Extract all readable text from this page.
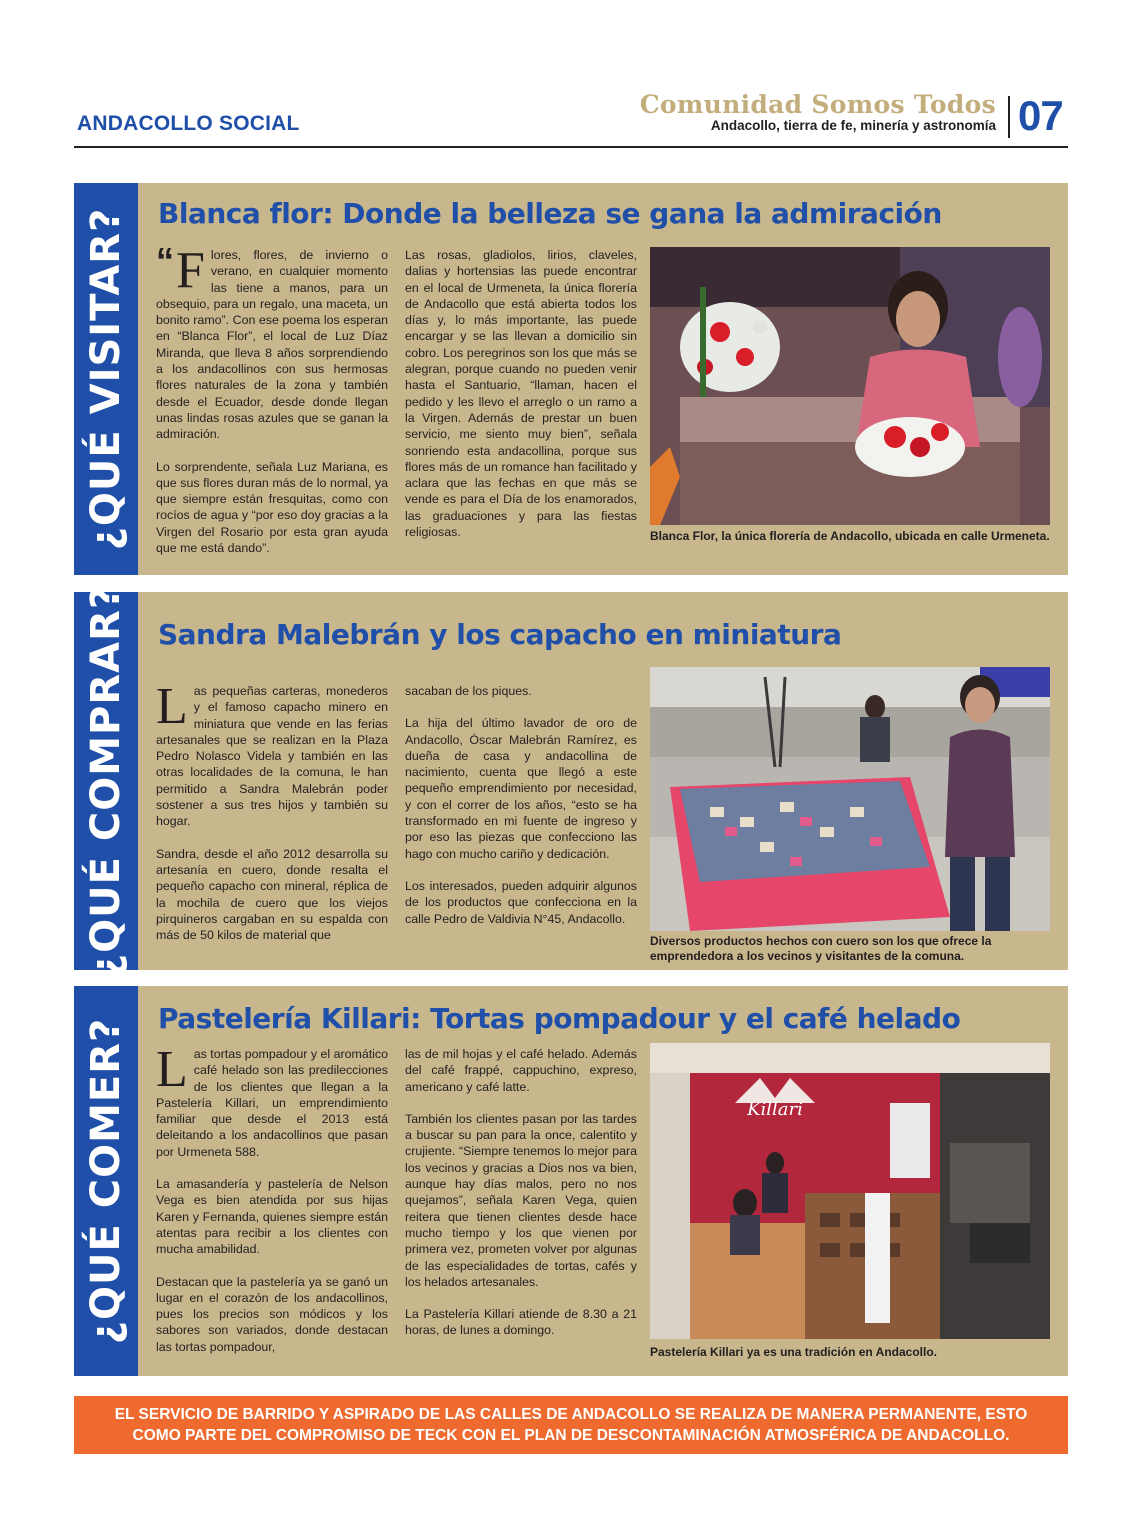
ANDACOLLO SOCIAL
Comunidad Somos Todos
Andacollo, tierra de fe, minería y astronomía 07
¿QUÉ VISITAR? Blanca flor: Donde la belleza se gana la admiración

“ F lores, flores, de invierno o verano, en cualquier momento las tiene a manos, para un obsequio, para un regalo, una maceta, un bonito ramo”. Con ese poema los esperan en “Blanca Flor”, el local de Luz Díaz Miranda, que lleva 8 años sorprendiendo a los andacollinos con sus hermosas flores naturales de la zona y también desde el Ecuador, desde donde llegan unas lindas rosas azules que se ganan la admiración.

Lo sorprendente, señala Luz Mariana, es que sus flores duran más de lo normal, ya que siempre están fresquitas, como con rocíos de agua y “por eso doy gracias a la Virgen del Rosario por esta gran ayuda que me está dando”.

Las rosas, gladiolos, lirios, claveles, dalias y hortensias las puede encontrar en el local de Urmeneta, la única florería de Andacollo que está abierta todos los días y, lo más importante, las puede encargar y se las llevan a domicilio sin cobro. Los peregrinos son los que más se alegran, porque cuando no pueden venir hasta el Santuario, “llaman, hacen el pedido y les llevo el arreglo o un ramo a la Virgen. Además de prestar un buen servicio, me siento muy bien”, señala sonriendo esta andacollina, porque sus flores más de un romance han facilitado y aclara que las fechas en que más se vende es para el Día de los enamorados, las graduaciones y para las fiestas religiosas.	Blanca Flor, la única florería de Andacollo, ubicada en calle Urmeneta.
¿QUÉ COMPRAR? Sandra Malebrán y los capacho en miniatura

Las pequeñas carteras, monederos y el famoso capacho minero en miniatura que vende en las ferias artesanales que se realizan en la Plaza Pedro Nolasco Videla y también en las otras localidades de la comuna, le han permitido a Sandra Malebrán poder sostener a sus tres hijos y también su hogar.

Sandra, desde el año 2012 desarrolla su artesanía en cuero, donde resalta el pequeño capacho con mineral, réplica de la mochila de cuero que los viejos pirquineros cargaban en su espalda con más de 50 kilos de material que

sacaban de los piques.

La hija del último lavador de oro de Andacollo, Óscar Malebrán Ramírez, es dueña de casa y andacollina de nacimiento, cuenta que llegó a este pequeño emprendimiento por necesidad, y con el correr de los años, “esto se ha transformado en mi fuente de ingreso y por eso las piezas que confecciono las hago con mucho cariño y dedicación.

Los interesados, pueden adquirir algunos de los productos que confecciona en la calle Pedro de Valdivia N°45, Andacollo.

Diversos productos hechos con cuero son los que ofrece la emprendedora a los vecinos y visitantes de la comuna.
¿QUÉ COMER? Pastelería Killari: Tortas pompadour y el café helado

Las tortas pompadour y el aromático café helado son las predilecciones de los clientes que llegan a la Pastelería Killari, un emprendimiento familiar que desde el 2013 está deleitando a los andacollinos que pasan por Urmeneta 588.

La amasandería y pastelería de Nelson Vega es bien atendida por sus hijas Karen y Fernanda, quienes siempre están atentas para recibir a los clientes con mucha amabilidad.

Destacan que la pastelería ya se ganó un lugar en el corazón de los andacollinos, pues los precios son módicos y los sabores son variados, donde destacan las tortas pompadour,

las de mil hojas y el café helado. Además del café frappé, cappuchino, expreso, americano y café latte.

También los clientes pasan por las tardes a buscar su pan para la once, calentito y crujiente. “Siempre tenemos lo mejor para los vecinos y gracias a Dios nos va bien, aunque hay días malos, pero no nos quejamos”, señala Karen Vega, quien reitera que tienen clientes desde hace mucho tiempo y los que vienen por primera vez, prometen volver por algunas de las especialidades de tortas, cafés y los helados artesanales.

La Pastelería Killari atiende de 8.30 a 21 horas, de lunes a domingo.

Killari
Pastelería Killari ya es una tradición en Andacollo.
EL SERVICIO DE BARRIDO Y ASPIRADO DE LAS CALLES DE ANDACOLLO SE REALIZA DE MANERA PERMANENTE, ESTO
COMO PARTE DEL COMPROMISO DE TECK CON EL PLAN DE DESCONTAMINACIÓN ATMOSFÉRICA DE ANDACOLLO.
